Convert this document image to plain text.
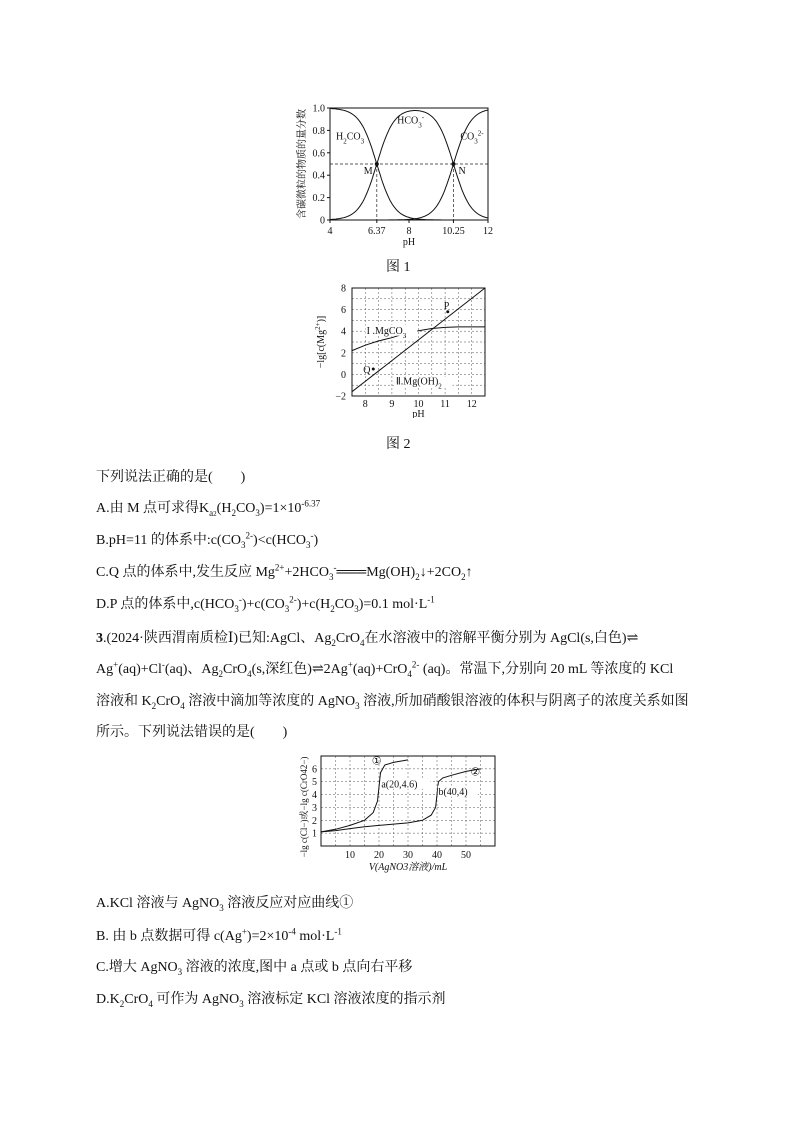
0
0.2
0.4
0.6
0.8
1.0
4	6.37 8	10.25 12
pH
含碳微粒的物质的量分数	M	N
$H_2CO_3$
$HCO_3^-$
$CO_3^{2-}$
图 1
−2
0
2
4
6
8
8 9 10 11 12
pH
$-\lg[c(Mg^{2+})]$
I .MgCO$_3$
$Ⅱ.Mg(OH)_2$
P
Q
图 2
下列说法正确的是(　　)
A.由 M 点可求得$K_{a2}(H_2CO_3)=1\times 10^{-6.37}$
B.pH=11 的体系中$:c(CO_3^{2-})<c(HCO_3^-)$
C.Q 点的体系中,发生反应 $Mg^{2+}+2HCO_3^-═══Mg(OH)_2↓+2CO_2↑$
D.P 点的体系中$,c(HCO_3^-)+c(CO_3^{2-})+c(H_2CO_3)=0.1$ $mol\cdot L^{-1}$
3.(2024·陕西渭南质检Ⅰ)已知:AgCl、$Ag_2CrO_4$在水溶液中的溶解平衡分别为 AgCl(s,白色)⇌
Ag+(aq)+Cl-(aq)、$Ag_2CrO_4(s$,深红色)⇌2Ag+(aq)+CrO$_4^{2-}$ (aq)。常温下,分别向 20 mL 等浓度的 KCl
溶液和 $K_2CrO_4$ 溶液中滴加等浓度的 AgNO$_3$ 溶液,所加硝酸银溶液的体积与阴离子的浓度关系如图
所示。下列说法错误的是(　　)
1
2
3
4
5
6
10 20 30 40 50
V(AgNO3溶液)/mL
−lg c(Cl−)或−lg c(CrO42−)	①
②
a(20,4.6)
b(40,4)
A.KCl 溶液与 AgNO$_3$ 溶液反应对应曲线①
B. 由 b 点数据可得 $c(Ag^+)=2\times 10^{-4}$ $mol\cdot L^{-1}$
C.增大 AgNO$_3$ 溶液的浓度,图中 a 点或 b 点向右平移
$D.K_2CrO_4$ 可作为 AgNO$_3$ 溶液标定 KCl 溶液浓度的指示剂
